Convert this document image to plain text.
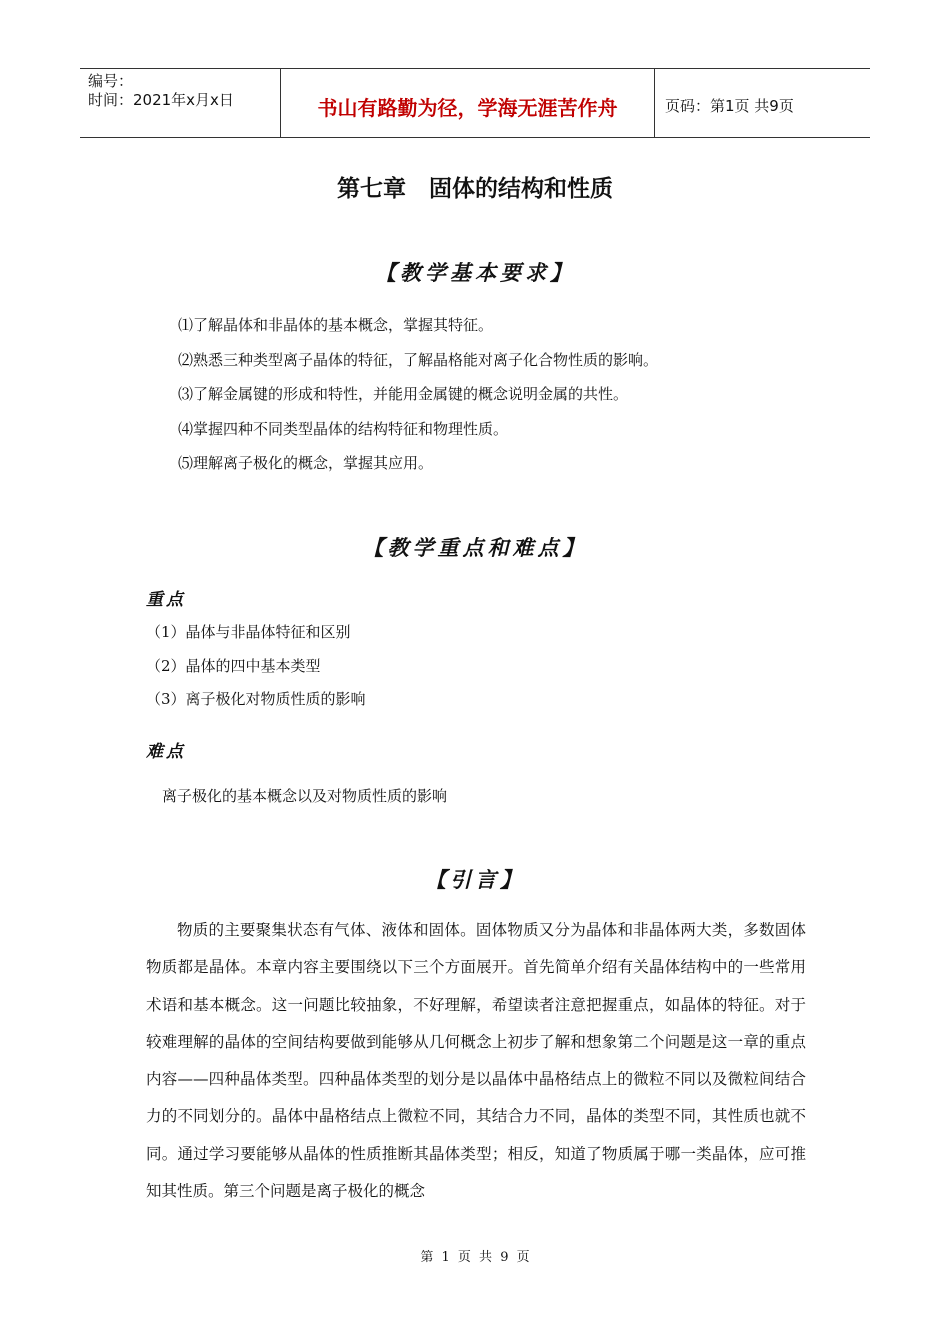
编号：
时间：2021年x月x日	书山有路勤为径，学海无涯苦作舟	页码：第1页 共9页
第七章　固体的结构和性质
【教学基本要求】
⑴了解晶体和非晶体的基本概念，掌握其特征。
⑵熟悉三种类型离子晶体的特征，了解晶格能对离子化合物性质的影响。
⑶了解金属键的形成和特性，并能用金属键的概念说明金属的共性。
⑷掌握四种不同类型晶体的结构特征和物理性质。
⑸理解离子极化的概念，掌握其应用。
【教学重点和难点】
重点
（1）晶体与非晶体特征和区别
（2）晶体的四中基本类型
（3）离子极化对物质性质的影响
难点
离子极化的基本概念以及对物质性质的影响
【引言】

物质的主要聚集状态有气体、液体和固体。固体物质又分为晶体和非晶体两大类，多数固体物质都是晶体。本章内容主要围绕以下三个方面展开。首先简单介绍有关晶体结构中的一些常用术语和基本概念。这一问题比较抽象，不好理解，希望读者注意把握重点，如晶体的特征。对于较难理解的晶体的空间结构要做到能够从几何概念上初步了解和想象第二个问题是这一章的重点内容——四种晶体类型。四种晶体类型的划分是以晶体中晶格结点上的微粒不同以及微粒间结合力的不同划分的。晶体中晶格结点上微粒不同，其结合力不同，晶体的类型不同，其性质也就不同。通过学习要能够从晶体的性质推断其晶体类型；相反，知道了物质属于哪一类晶体，应可推知其性质。第三个问题是离子极化的概念

第 1 页 共 9 页
